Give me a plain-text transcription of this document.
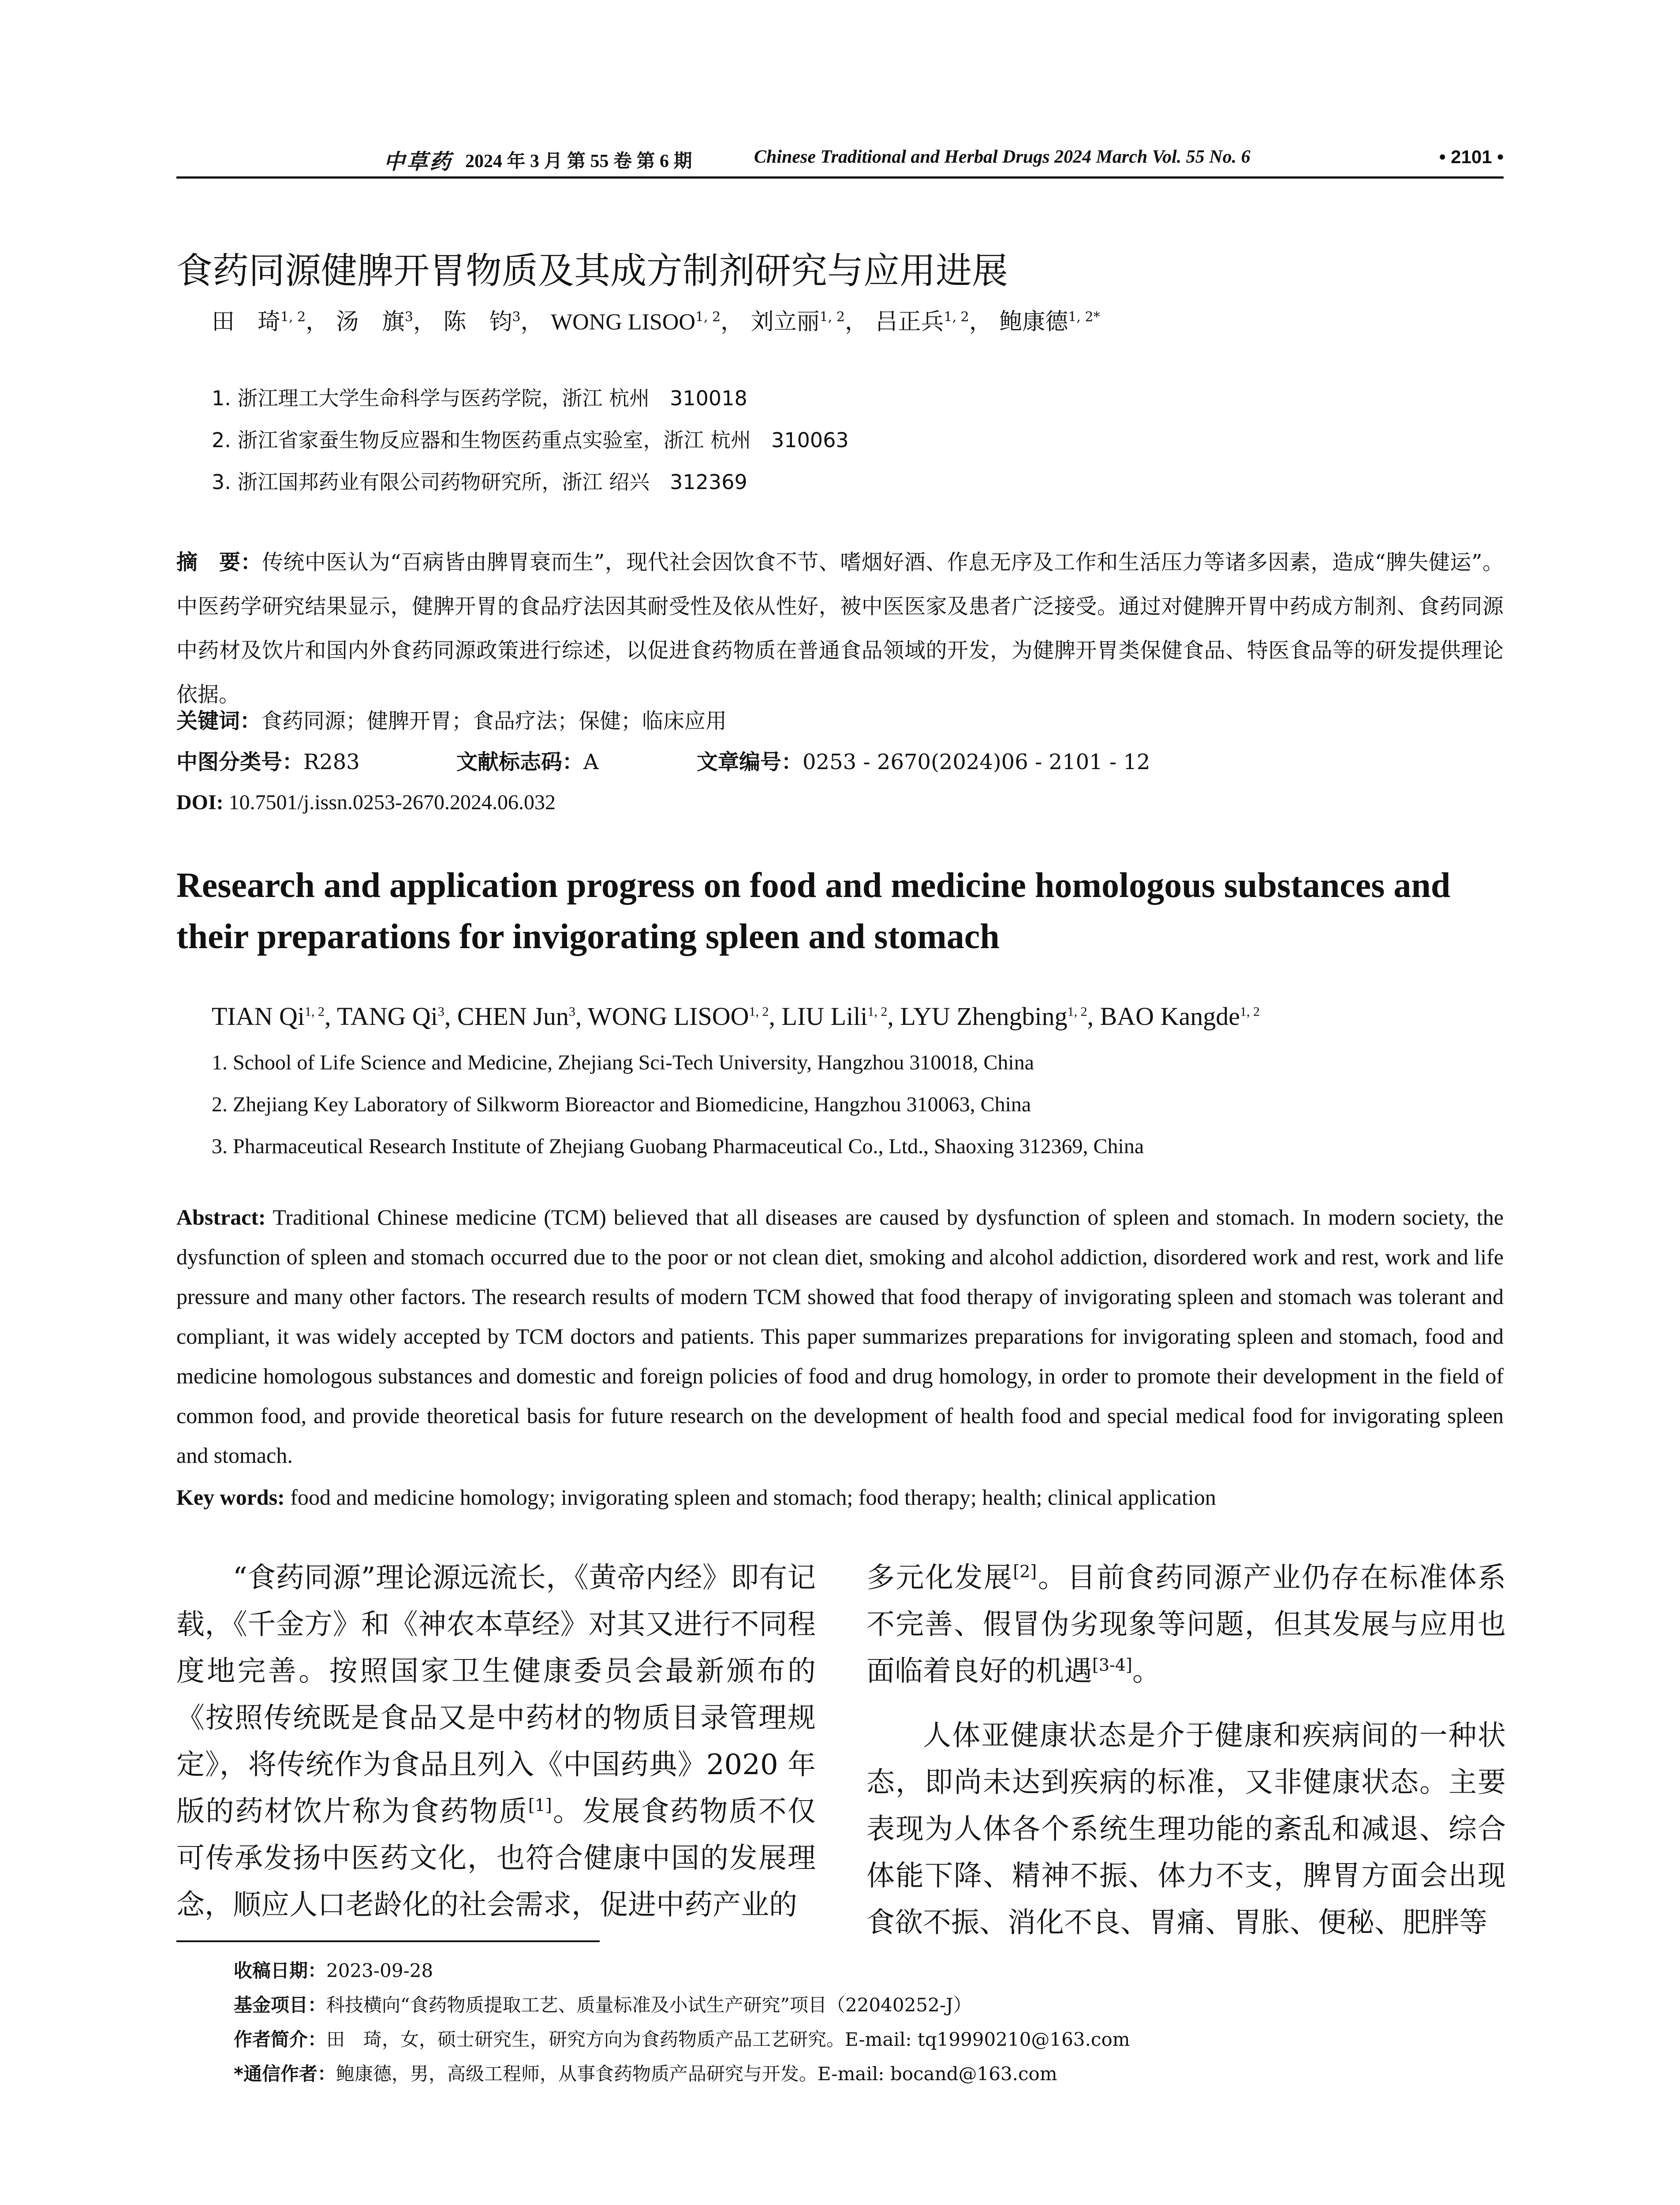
中草药 2024 年 3 月 第 55 卷 第 6 期	Chinese Traditional and Herbal Drugs 2024 March Vol. 55 No. 6	• 2101 •
食药同源健脾开胃物质及其成方制剂研究与应用进展
田　琦$^{1, 2}$， 汤　旗$^3$， 陈　钧$^3$， WONG LISOO$^{1, 2}$， 刘立丽$^{1, 2}$， 吕正兵$^{1, 2}$， 鲍康德$^{1, 2*}$
1. 浙江理工大学生命科学与医药学院，浙江 杭州　310018
2. 浙江省家蚕生物反应器和生物医药重点实验室，浙江 杭州　310063
3. 浙江国邦药业有限公司药物研究所，浙江 绍兴　312369
摘　要：传统中医认为“百病皆由脾胃衰而生”，现代社会因饮食不节、嗜烟好酒、作息无序及工作和生活压力等诸多因素，造成“脾失健运”。中医药学研究结果显示，健脾开胃的食品疗法因其耐受性及依从性好，被中医医家及患者广泛接受。通过对健脾开胃中药成方制剂、食药同源中药材及饮片和国内外食药同源政策进行综述，以促进食药物质在普通食品领域的开发，为健脾开胃类保健食品、特医食品等的研发提供理论依据。
关键词：食药同源；健脾开胃；食品疗法；保健；临床应用
中图分类号：R283	文献标志码：A	文章编号：0253 - 2670(2024)06 - 2101 - 12
DOI: 10.7501/j.issn.0253-2670.2024.06.032
Research and application progress on food and medicine homologous substances and their preparations for invigorating spleen and stomach
TIAN Qi$^{1, 2}$, TANG Qi$^3$, CHEN Jun$^3$, WONG LISOO$^{1, 2}$, LIU Lili$^{1, 2}$, LYU Zhengbing$^{1, 2}$, BAO Kangde$^{1, 2}$
1. School of Life Science and Medicine, Zhejiang Sci-Tech University, Hangzhou 310018, China
2. Zhejiang Key Laboratory of Silkworm Bioreactor and Biomedicine, Hangzhou 310063, China
3. Pharmaceutical Research Institute of Zhejiang Guobang Pharmaceutical Co., Ltd., Shaoxing 312369, China
Abstract: Traditional Chinese medicine (TCM) believed that all diseases are caused by dysfunction of spleen and stomach. In modern society, the dysfunction of spleen and stomach occurred due to the poor or not clean diet, smoking and alcohol addiction, disordered work and rest, work and life pressure and many other factors. The research results of modern TCM showed that food therapy of invigorating spleen and stomach was tolerant and compliant, it was widely accepted by TCM doctors and patients. This paper summarizes preparations for invigorating spleen and stomach, food and medicine homologous substances and domestic and foreign policies of food and drug homology, in order to promote their development in the field of common food, and provide theoretical basis for future research on the development of health food and special medical food for invigorating spleen and stomach.
Key words: food and medicine homology; invigorating spleen and stomach; food therapy; health; clinical application

“食药同源”理论源远流长，《黄帝内经》即有记载，《千金方》和《神农本草经》对其又进行不同程度地完善。按照国家卫生健康委员会最新颁布的《按照传统既是食品又是中药材的物质目录管理规定》，将传统作为食品且列入《中国药典》2020 年版的药材饮片称为食药物质[1]。发展食药物质不仅可传承发扬中医药文化，也符合健康中国的发展理念，顺应人口老龄化的社会需求，促进中药产业的

多元化发展[2]。目前食药同源产业仍存在标准体系不完善、假冒伪劣现象等问题，但其发展与应用也面临着良好的机遇[3-4]。

人体亚健康状态是介于健康和疾病间的一种状态，即尚未达到疾病的标准，又非健康状态。主要表现为人体各个系统生理功能的紊乱和减退、综合体能下降、精神不振、体力不支，脾胃方面会出现食欲不振、消化不良、胃痛、胃胀、便秘、肥胖等

收稿日期：2023-09-28
基金项目：科技横向“食药物质提取工艺、质量标准及小试生产研究”项目（22040252-J）
作者简介：田　琦，女，硕士研究生，研究方向为食药物质产品工艺研究。E-mail: tq19990210@163.com
*通信作者：鲍康德，男，高级工程师，从事食药物质产品研究与开发。E-mail: bocand@163.com
